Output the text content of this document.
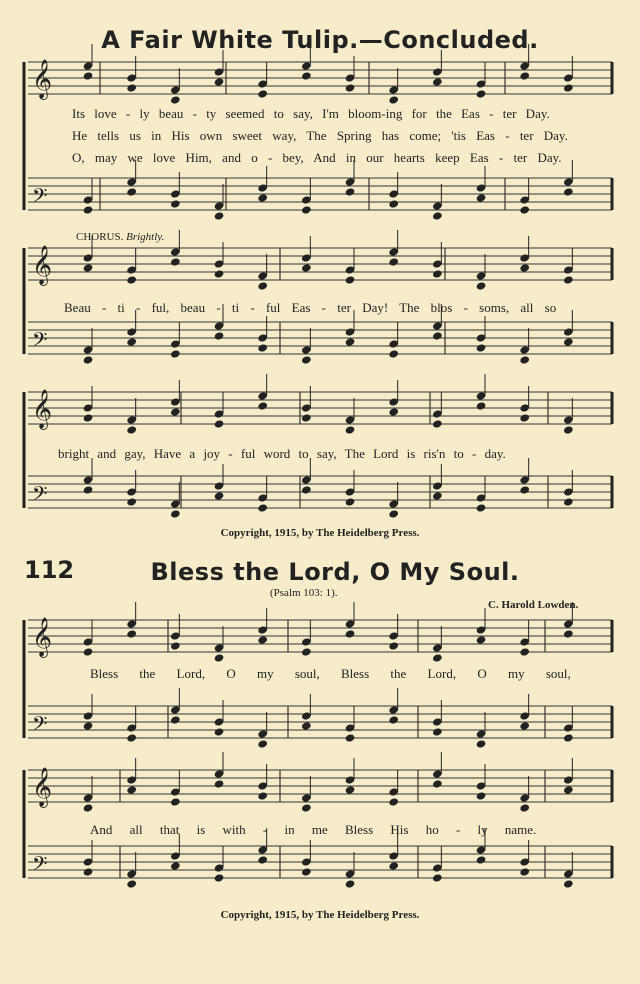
𝄞
𝄢
𝄞
𝄢
𝄞
𝄢
𝄞
𝄢
𝄞
𝄢
A Fair White Tulip.—Concluded.
Its love - ly beau - ty seemed to say, I'm bloom-ing for the Eas - ter Day.
He tells us in His own sweet way, The Spring has come; 'tis Eas - ter Day.
O, may we love Him, and o - bey, And in our hearts keep Eas - ter Day.
CHORUS. Brightly.
Beau - ti - ful, beau - ti - ful Eas - ter Day! The blos - soms, all so
bright and gay, Have a joy - ful word to say, The Lord is ris'n to - day.
Copyright, 1915, by The Heidelberg Press.
112	Bless the Lord, O My Soul.
(Psalm 103: 1).
C. Harold Lowden.
Bless the Lord, O my soul, Bless the Lord, O my soul,
And all that is with - in me Bless His ho - ly name.
Copyright, 1915, by The Heidelberg Press.
